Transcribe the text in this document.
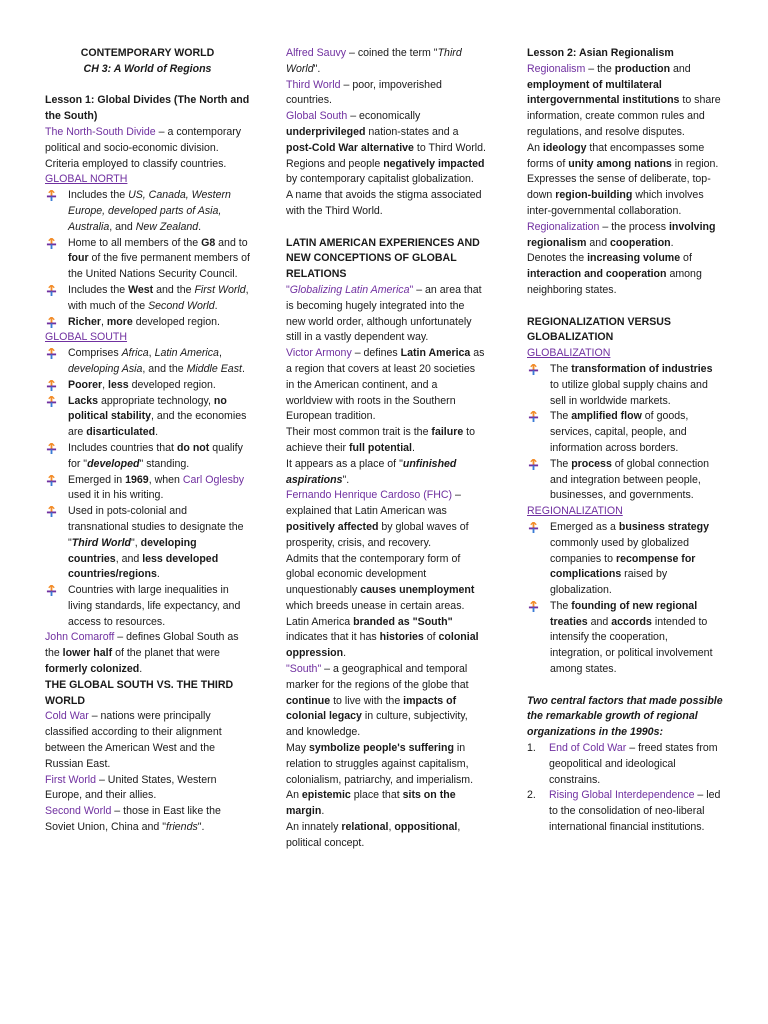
CONTEMPORARY WORLD

CH 3: A World of Regions

Lesson 1: Global Divides (The North and the South)

The North-South Divide – a contemporary political and socio-economic division.

Criteria employed to classify countries.

GLOBAL NORTH

Includes the US, Canada, Western Europe, developed parts of Asia, Australia, and New Zealand.
Home to all members of the G8 and to four of the five permanent members of the United Nations Security Council.
Includes the West and the First World, with much of the Second World.
Richer, more developed region.

GLOBAL SOUTH

Comprises Africa, Latin America, developing Asia, and the Middle East.
Poorer, less developed region.
Lacks appropriate technology, no political stability, and the economies are disarticulated.
Includes countries that do not qualify for "developed" standing.
Emerged in 1969, when Carl Oglesby used it in his writing.
Used in pots-colonial and transnational studies to designate the "Third World", developing countries, and less developed countries/regions.
Countries with large inequalities in living standards, life expectancy, and access to resources.

John Comaroff – defines Global South as the lower half of the planet that were formerly colonized.

THE GLOBAL SOUTH VS. THE THIRD WORLD

Cold War – nations were principally classified according to their alignment between the American West and the Russian East.

First World – United States, Western Europe, and their allies.

Second World – those in East like the Soviet Union, China and "friends".

Alfred Sauvy – coined the term "Third World".

Third World – poor, impoverished countries.

Global South – economically underprivileged nation-states and a post-Cold War alternative to Third World.

Regions and people negatively impacted by contemporary capitalist globalization.

A name that avoids the stigma associated with the Third World.

LATIN AMERICAN EXPERIENCES AND NEW CONCEPTIONS OF GLOBAL RELATIONS

"Globalizing Latin America" – an area that is becoming hugely integrated into the new world order, although unfortunately still in a vastly dependent way.

Victor Armony – defines Latin America as a region that covers at least 20 societies in the American continent, and a worldview with roots in the Southern European tradition.

Their most common trait is the failure to achieve their full potential.

It appears as a place of "unfinished aspirations".

Fernando Henrique Cardoso (FHC) – explained that Latin American was positively affected by global waves of prosperity, crisis, and recovery.

Admits that the contemporary form of global economic development unquestionably causes unemployment which breeds unease in certain areas.

Latin America branded as "South" indicates that it has histories of colonial oppression.

"South" – a geographical and temporal marker for the regions of the globe that continue to live with the impacts of colonial legacy in culture, subjectivity, and knowledge.

May symbolize people's suffering in relation to struggles against capitalism, colonialism, patriarchy, and imperialism.

An epistemic place that sits on the margin.

An innately relational, oppositional, political concept.

Lesson 2: Asian Regionalism

Regionalism – the production and employment of multilateral intergovernmental institutions to share information, create common rules and regulations, and resolve disputes.

An ideology that encompasses some forms of unity among nations in region.

Expresses the sense of deliberate, top-down region-building which involves inter-governmental collaboration.

Regionalization – the process involving regionalism and cooperation.

Denotes the increasing volume of interaction and cooperation among neighboring states.

REGIONALIZATION VERSUS GLOBALIZATION

GLOBALIZATION

The transformation of industries to utilize global supply chains and sell in worldwide markets.
The amplified flow of goods, services, capital, people, and information across borders.
The process of global connection and integration between people, businesses, and governments.

REGIONALIZATION

Emerged as a business strategy commonly used by globalized companies to recompense for complications raised by globalization.
The founding of new regional treaties and accords intended to intensify the cooperation, integration, or political involvement among states.

Two central factors that made possible the remarkable growth of regional organizations in the 1990s:

1. End of Cold War – freed states from geopolitical and ideological constrains.
2. Rising Global Interdependence – led to the consolidation of neo-liberal international financial institutions.
